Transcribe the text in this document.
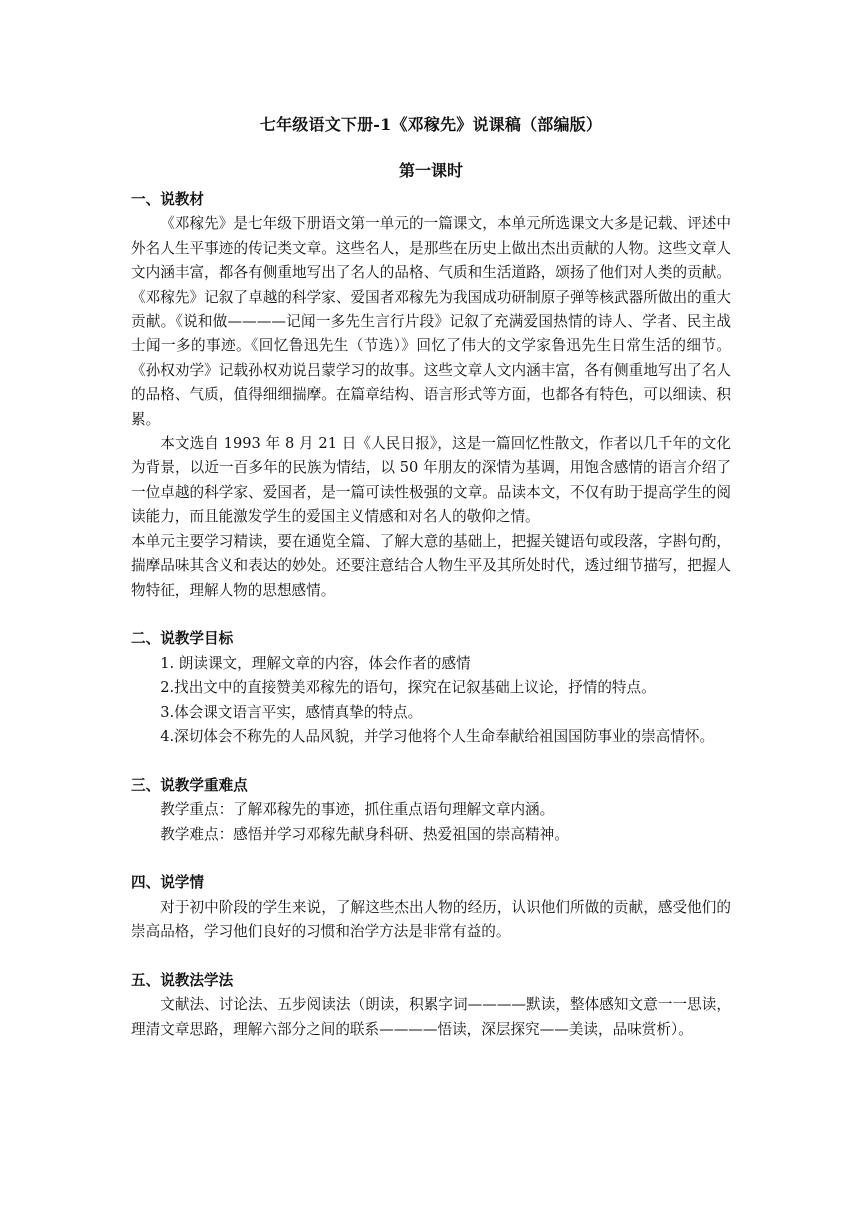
七年级语文下册-1《邓稼先》说课稿（部编版）
第一课时

一、说教材

《邓稼先》是七年级下册语文第一单元的一篇课文，本单元所选课文大多是记载、评述中外名人生平事迹的传记类文章。这些名人，是那些在历史上做出杰出贡献的人物。这些文章人文内涵丰富，都各有侧重地写出了名人的品格、气质和生活道路，颂扬了他们对人类的贡献。《邓稼先》记叙了卓越的科学家、爱国者邓稼先为我国成功研制原子弹等核武器所做出的重大贡献。《说和做————记闻一多先生言行片段》记叙了充满爱国热情的诗人、学者、民主战士闻一多的事迹。《回忆鲁迅先生（节选）》回忆了伟大的文学家鲁迅先生日常生活的细节。《孙权劝学》记载孙权劝说吕蒙学习的故事。这些文章人文内涵丰富，各有侧重地写出了名人的品格、气质，值得细细揣摩。在篇章结构、语言形式等方面，也都各有特色，可以细读、积累。

本文选自 1993 年 8 月 21 日《人民日报》，这是一篇回忆性散文，作者以几千年的文化为背景，以近一百多年的民族为情结，以 50 年朋友的深情为基调，用饱含感情的语言介绍了一位卓越的科学家、爱国者，是一篇可读性极强的文章。品读本文，不仅有助于提高学生的阅读能力，而且能激发学生的爱国主义情感和对名人的敬仰之情。

本单元主要学习精读，要在通览全篇、了解大意的基础上，把握关键语句或段落，字斟句酌，揣摩品味其含义和表达的妙处。还要注意结合人物生平及其所处时代，透过细节描写，把握人物特征，理解人物的思想感情。

二、说教学目标

1. 朗读课文，理解文章的内容，体会作者的感情

2.找出文中的直接赞美邓稼先的语句，探究在记叙基础上议论，抒情的特点。

3.体会课文语言平实，感情真挚的特点。

4.深切体会不称先的人品风貌，并学习他将个人生命奉献给祖国国防事业的崇高情怀。

三、说教学重难点

教学重点：了解邓稼先的事迹，抓住重点语句理解文章内涵。

教学难点：感悟并学习邓稼先献身科研、热爱祖国的崇高精神。

四、说学情

对于初中阶段的学生来说，了解这些杰出人物的经历，认识他们所做的贡献，感受他们的崇高品格，学习他们良好的习惯和治学方法是非常有益的。

五、说教法学法

文献法、讨论法、五步阅读法（朗读，积累字词————默读，整体感知文意一一思读，理清文章思路，理解六部分之间的联系————悟读，深层探究——美读，品味赏析）。
